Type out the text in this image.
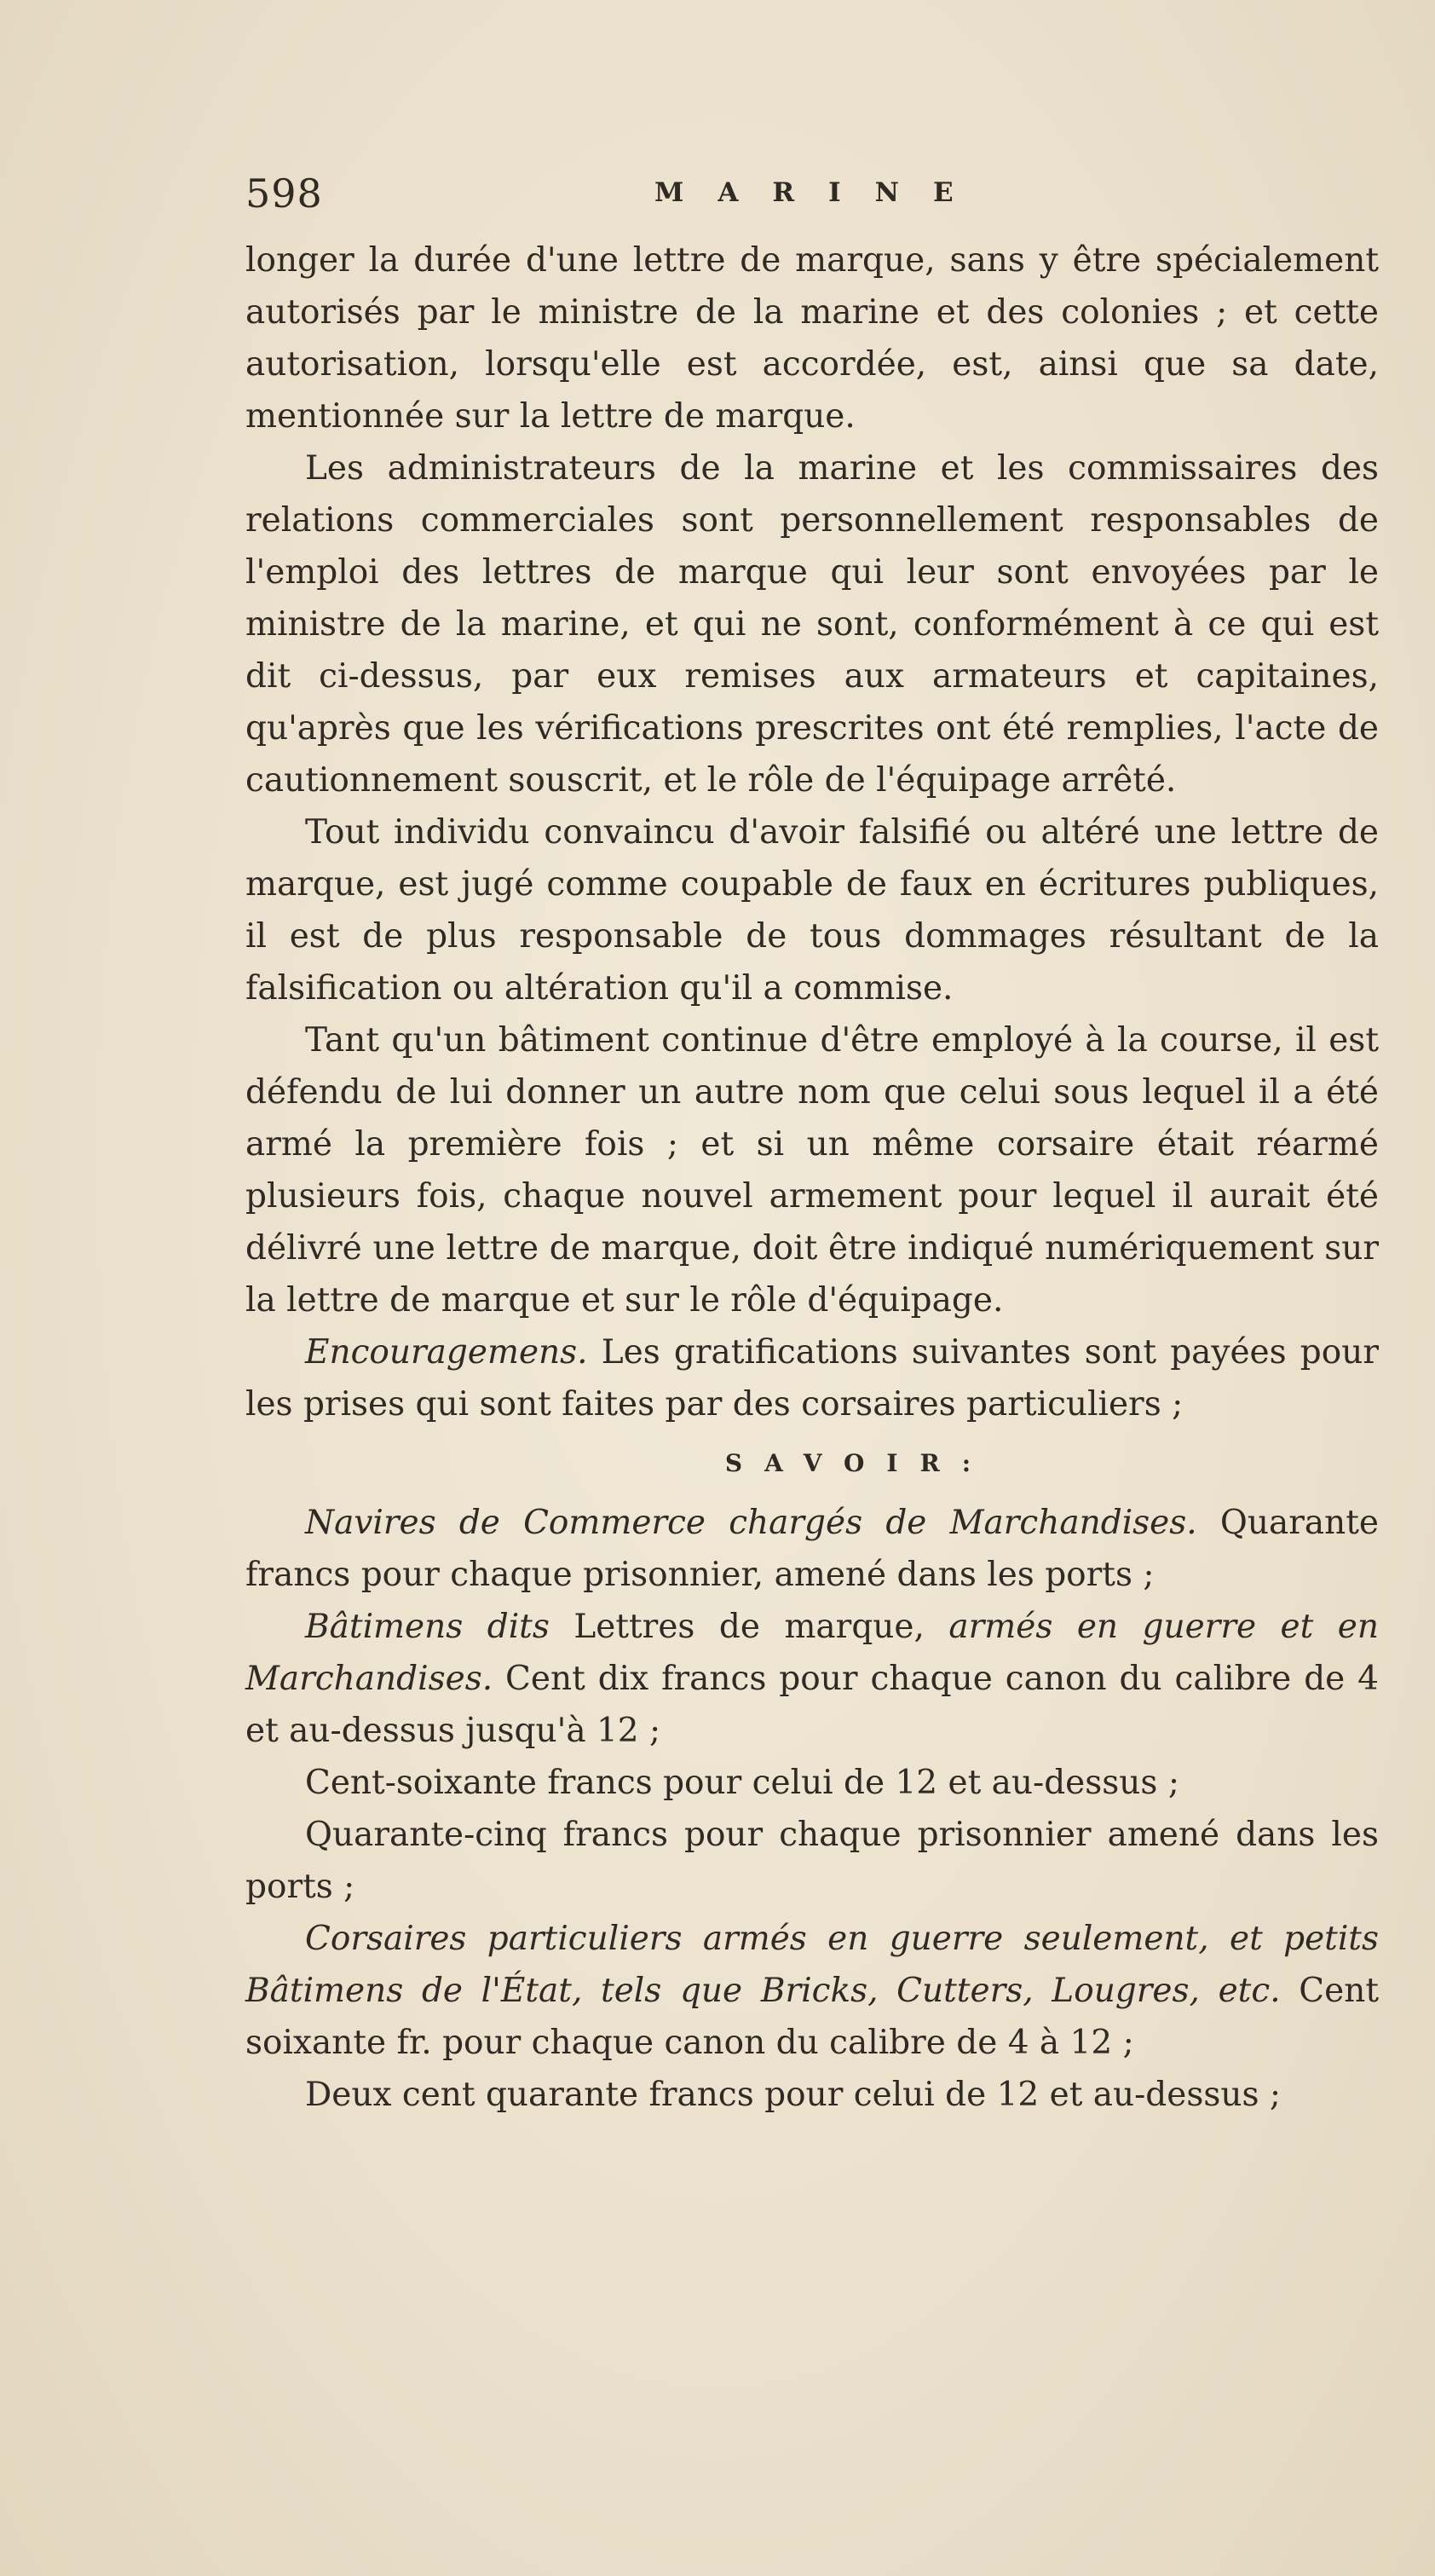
598	MARINE

longer la durée d'une lettre de marque, sans y être spécialement autorisés par le ministre de la marine et des colonies ; et cette autorisation, lorsqu'elle est accordée, est, ainsi que sa date, mentionnée sur la lettre de marque.

Les administrateurs de la marine et les commissaires des relations commerciales sont personnellement responsables de l'emploi des lettres de marque qui leur sont envoyées par le ministre de la marine, et qui ne sont, conformément à ce qui est dit ci-dessus, par eux remises aux armateurs et capitaines, qu'après que les vérifications prescrites ont été remplies, l'acte de cautionnement souscrit, et le rôle de l'équipage arrêté.

Tout individu convaincu d'avoir falsifié ou altéré une lettre de marque, est jugé comme coupable de faux en écritures publiques, il est de plus responsable de tous dommages résultant de la falsification ou altération qu'il a commise.

Tant qu'un bâtiment continue d'être employé à la course, il est défendu de lui donner un autre nom que celui sous lequel il a été armé la première fois ; et si un même corsaire était réarmé plusieurs fois, chaque nouvel armement pour lequel il aurait été délivré une lettre de marque, doit être indiqué numériquement sur la lettre de marque et sur le rôle d'équipage.

Encouragemens. Les gratifications suivantes sont payées pour les prises qui sont faites par des corsaires particuliers ;

SAVOIR:

Navires de Commerce chargés de Marchandises. Quarante francs pour chaque prisonnier, amené dans les ports ;

Bâtimens dits Lettres de marque, armés en guerre et en Marchandises. Cent dix francs pour chaque canon du calibre de 4 et au-dessus jusqu'à 12 ;

Cent-soixante francs pour celui de 12 et au-dessus ;

Quarante-cinq francs pour chaque prisonnier amené dans les ports ;

Corsaires particuliers armés en guerre seulement, et petits Bâtimens de l'État, tels que Bricks, Cutters, Lougres, etc. Cent soixante fr. pour chaque canon du calibre de 4 à 12 ;

Deux cent quarante francs pour celui de 12 et au-dessus ;
